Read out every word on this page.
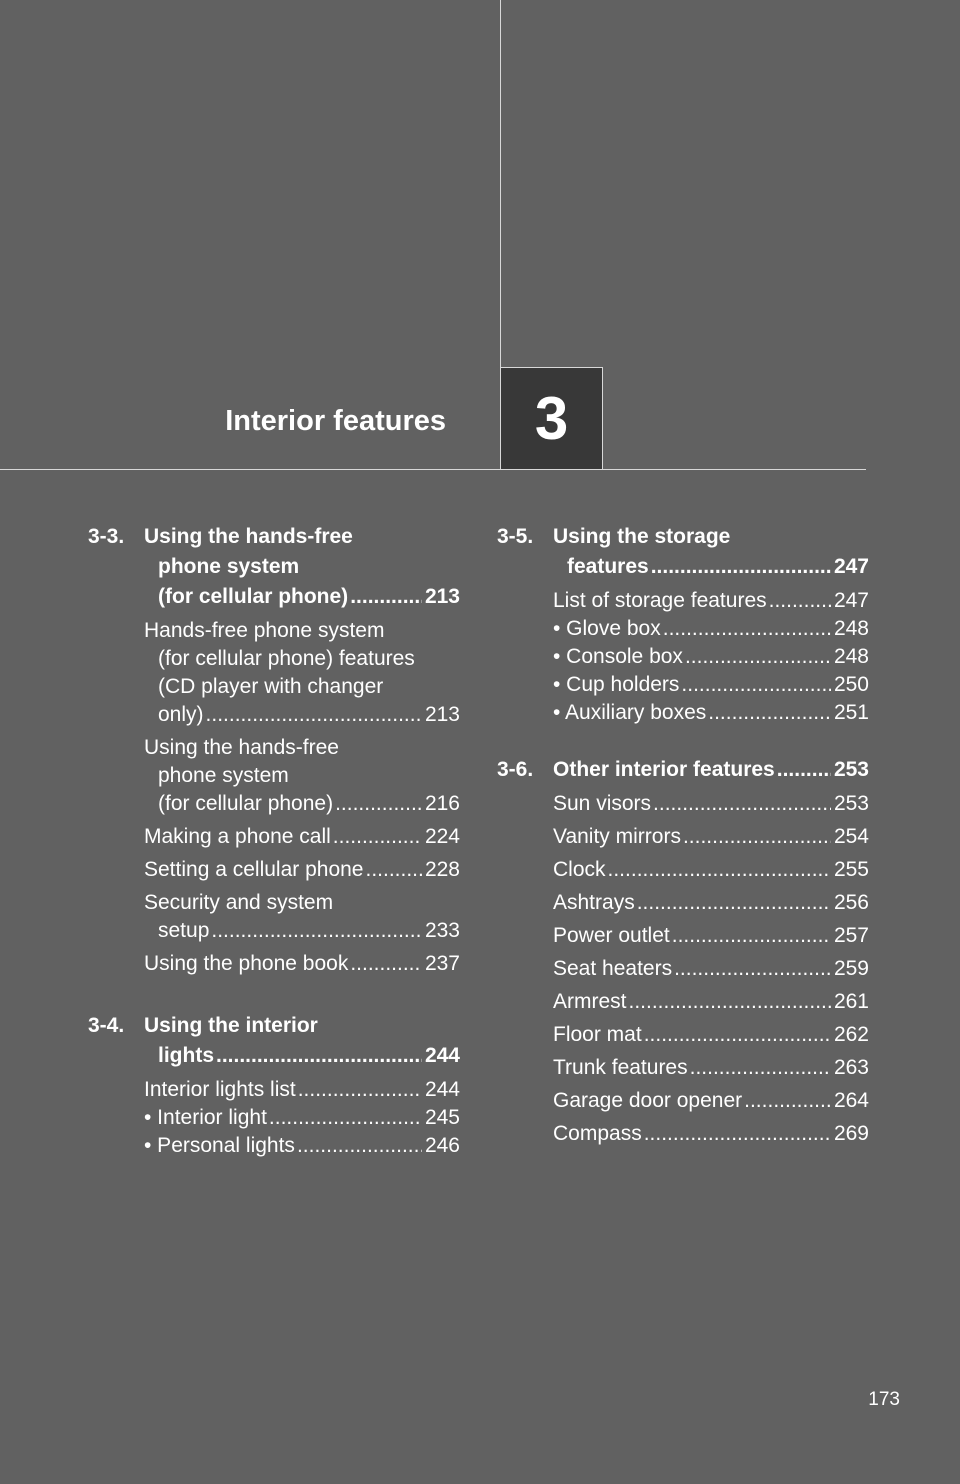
Interior features 3
3-3. Using the hands-free
phone system
(for cellular phone) .....	213
Hands-free phone system
(for cellular phone) features
(CD player with changer
only) .....	213
Using the hands-free
phone system
(for cellular phone) .....	216
Making a phone call .....	224
Setting a cellular phone .....	228
Security and system
setup .....	233
Using the phone book .....	237
3-4. Using the interior
lights .....	244
Interior lights list .....	244
• Interior light .....	245
• Personal lights .....	246
3-5. Using the storage
features .....	247
List of storage features .....	247
• Glove box .....	248
• Console box .....	248
• Cup holders .....	250
• Auxiliary boxes .....	251
3-6. Other interior features .....	253
Sun visors .....	253
Vanity mirrors .....	254
Clock .....	255
Ashtrays .....	256
Power outlet .....	257
Seat heaters .....	259
Armrest .....	261
Floor mat .....	262
Trunk features .....	263
Garage door opener .....	264
Compass .....	269
173
